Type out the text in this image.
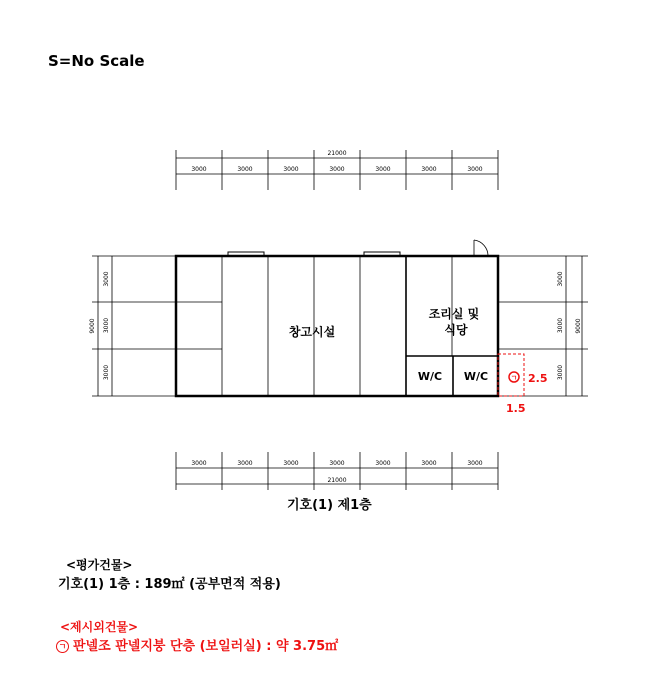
S=No Scale
21000
3000	3000	3000	3000	3000	3000	3000
3000	3000	3000	3000	3000	3000	3000
21000
9000
3000
3000
3000
3000
3000
3000
9000
ㄱ 2.5
1.5
창고시설
조리실 및
식당
W/C W/C
기호(1) 제1층
<평가건물>
기호(1) 1층 : 189㎡ (공부면적 적용)
<제시외건물>
ㄱ 판넬조 판넬지붕 단층 (보일러실) : 약 3.75㎡
